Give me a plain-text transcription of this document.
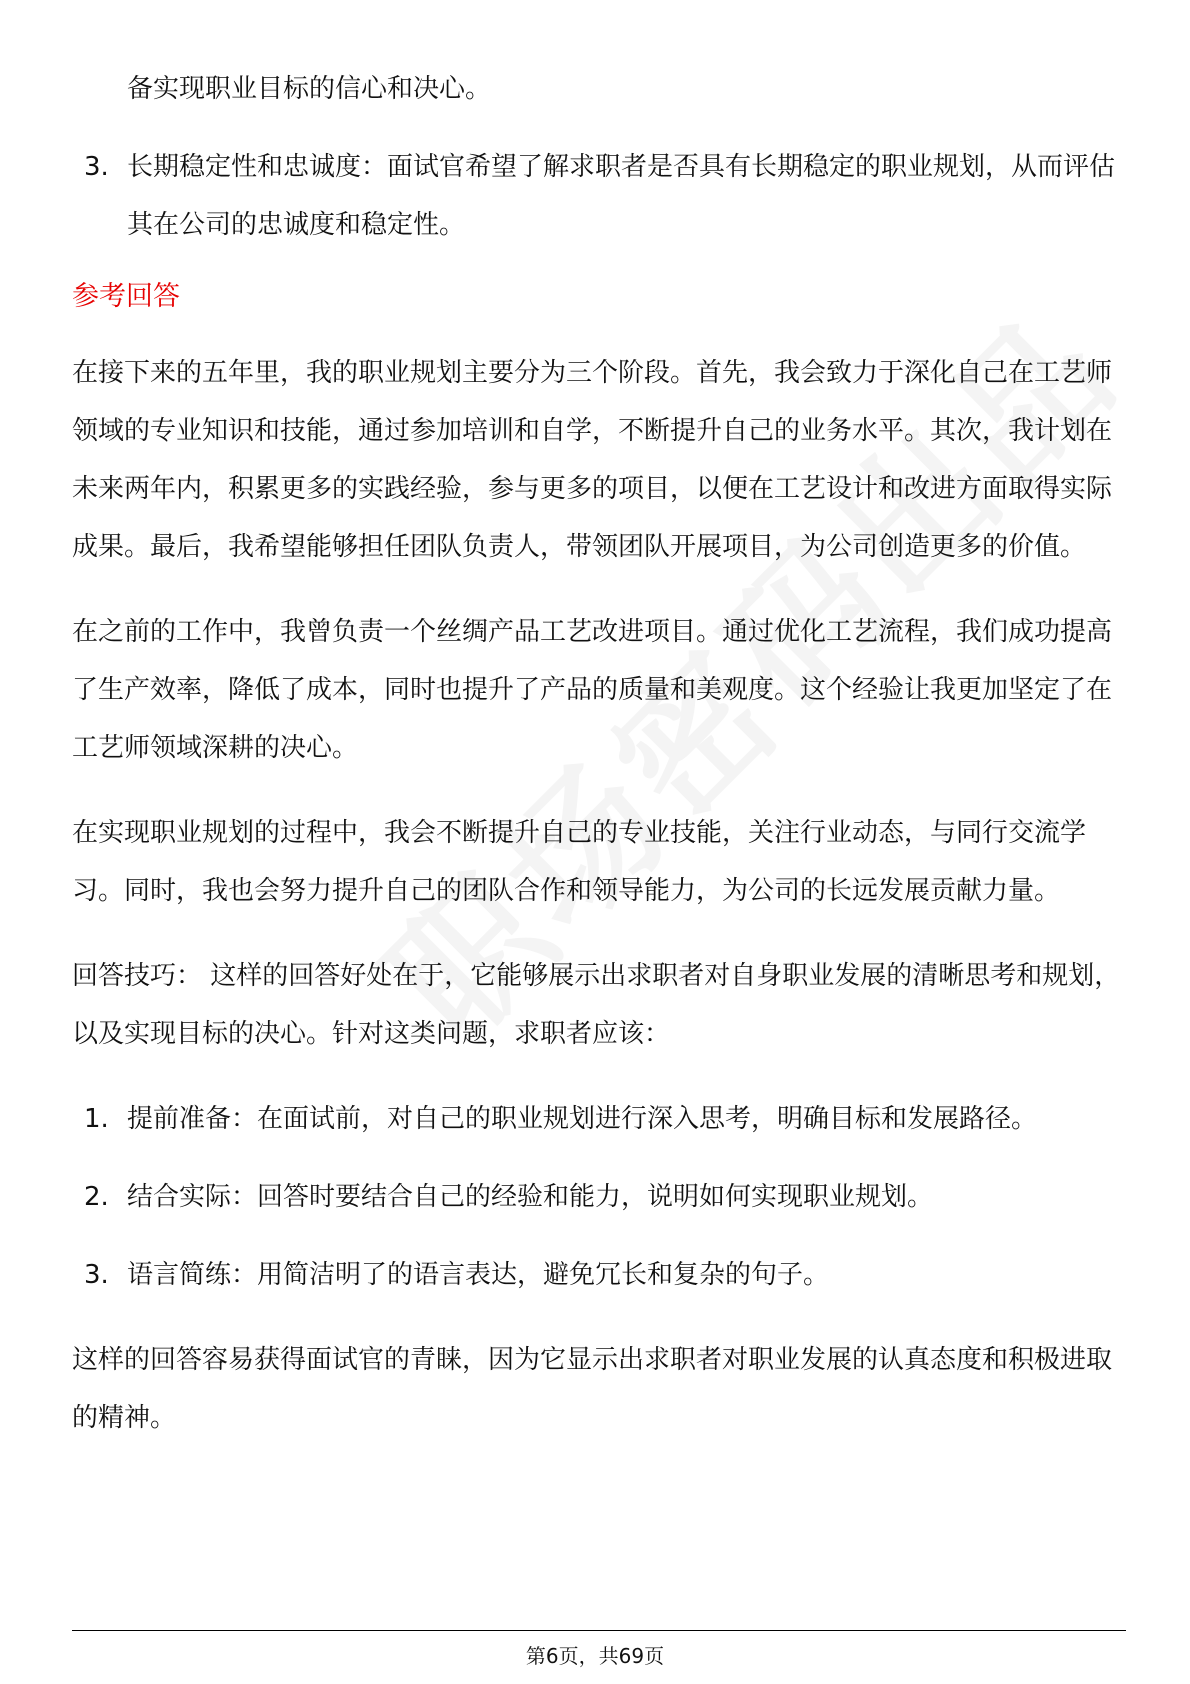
备实现职业目标的信心和决心。

3. 长期稳定性和忠诚度：面试官希望了解求职者是否具有长期稳定的职业规划，从而评估其在公司的忠诚度和稳定性。
参考回答

在接下来的五年里，我的职业规划主要分为三个阶段。首先，我会致力于深化自己在工艺师领域的专业知识和技能，通过参加培训和自学，不断提升自己的业务水平。其次，我计划在未来两年内，积累更多的实践经验，参与更多的项目，以便在工艺设计和改进方面取得实际成果。最后，我希望能够担任团队负责人，带领团队开展项目，为公司创造更多的价值。

在之前的工作中，我曾负责一个丝绸产品工艺改进项目。通过优化工艺流程，我们成功提高了生产效率，降低了成本，同时也提升了产品的质量和美观度。这个经验让我更加坚定了在工艺师领域深耕的决心。

在实现职业规划的过程中，我会不断提升自己的专业技能，关注行业动态，与同行交流学习。同时，我也会努力提升自己的团队合作和领导能力，为公司的长远发展贡献力量。

回答技巧： 这样的回答好处在于，它能够展示出求职者对自身职业发展的清晰思考和规划，以及实现目标的决心。针对这类问题，求职者应该：

1. 提前准备：在面试前，对自己的职业规划进行深入思考，明确目标和发展路径。
2. 结合实际：回答时要结合自己的经验和能力，说明如何实现职业规划。
3. 语言简练：用简洁明了的语言表达，避免冗长和复杂的句子。

这样的回答容易获得面试官的青睐，因为它显示出求职者对职业发展的认真态度和积极进取的精神。

第6页，共69页
